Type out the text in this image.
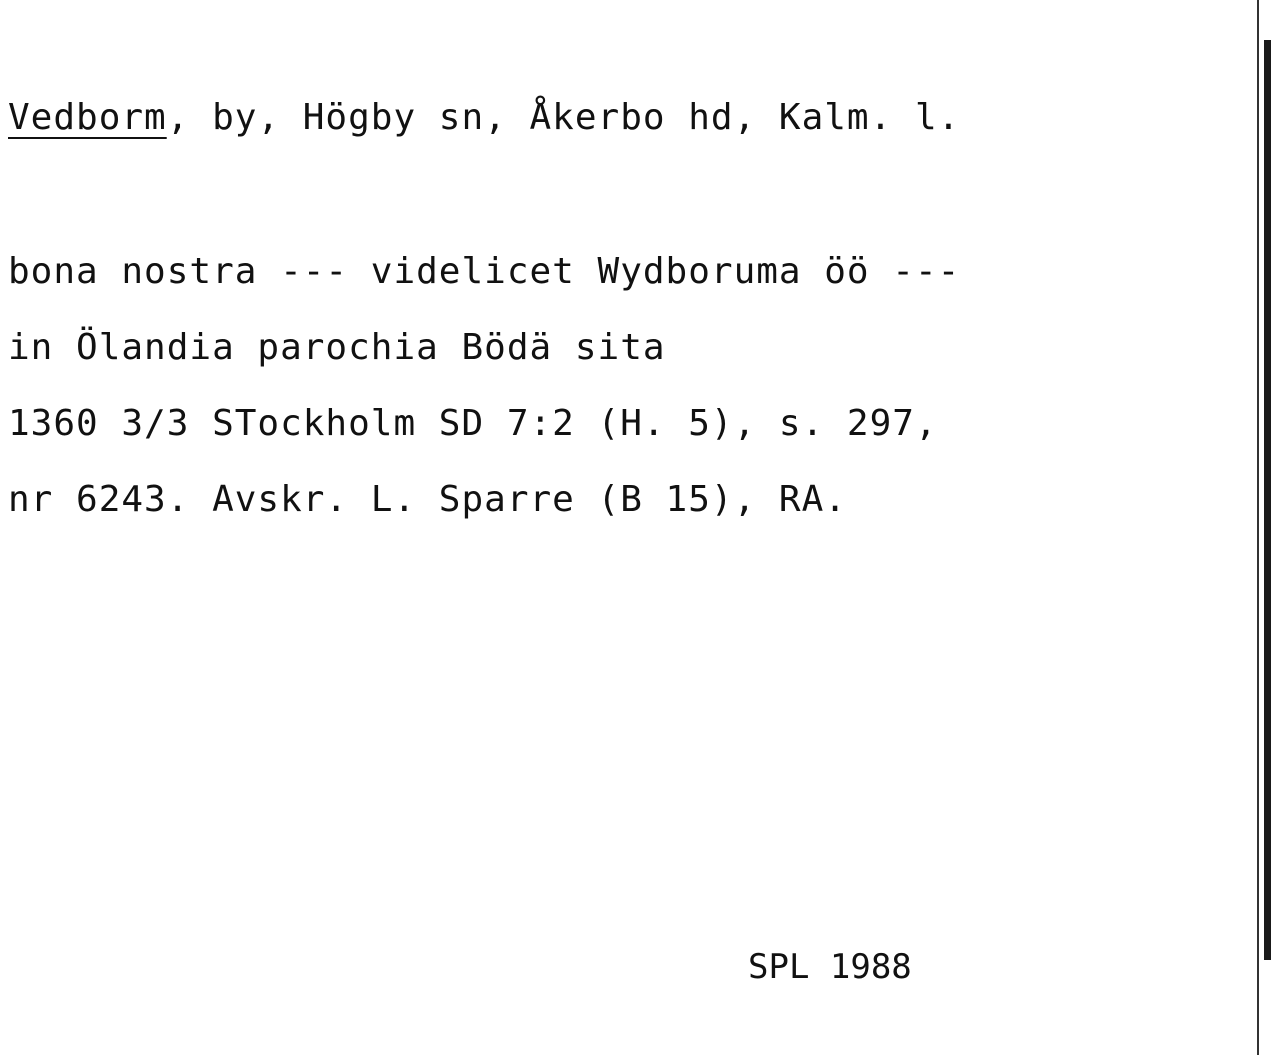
Vedborm, by, Högby sn, Åkerbo hd, Kalm. l.
bona nostra --- videlicet Wydboruma öö ---
in Ölandia parochia Bödä sita
1360 3/3 STockholm SD 7:2 (H. 5), s. 297,
nr 6243. Avskr. L. Sparre (B 15), RA.
SPL 1988
